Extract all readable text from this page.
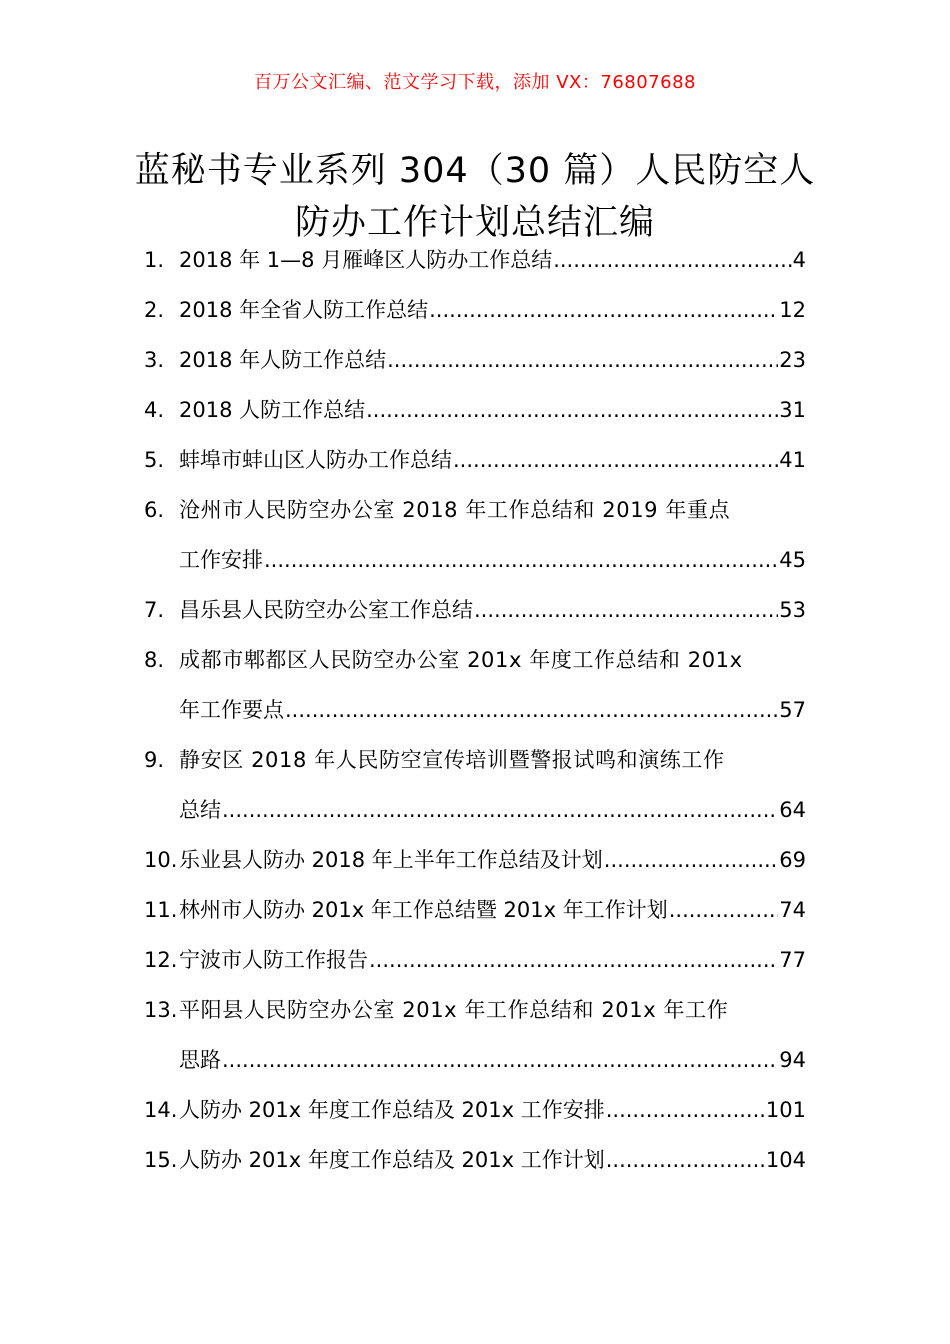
百万公文汇编、范文学习下载，添加 VX：76807688
蓝秘书专业系列 304（30 篇）人民防空人
防办工作计划总结汇编
1. 2018 年 1—8 月雁峰区人防办工作总结 .....	4
2. 2018 年全省人防工作总结 .....	12
3. 2018 年人防工作总结 .....	23
4. 2018 人防工作总结 .....	31
5. 蚌埠市蚌山区人防办工作总结 .....	41
6. 沧州市人民防空办公室 2018 年工作总结和 2019 年重点
工作安排 .....	45
7. 昌乐县人民防空办公室工作总结 .....	53
8. 成都市郫都区人民防空办公室 201x 年度工作总结和 201x
年工作要点 .....	57
9. 静安区 2018 年人民防空宣传培训暨警报试鸣和演练工作
总结 .....	64
10. 乐业县人防办 2018 年上半年工作总结及计划 .....	69
11. 林州市人防办 201x 年工作总结暨 201x 年工作计划 .....	74
12. 宁波市人防工作报告 .....	77
13. 平阳县人民防空办公室 201x 年工作总结和 201x 年工作
思路 .....	94
14. 人防办 201x 年度工作总结及 201x 工作安排 .....	101
15. 人防办 201x 年度工作总结及 201x 工作计划 .....	104
